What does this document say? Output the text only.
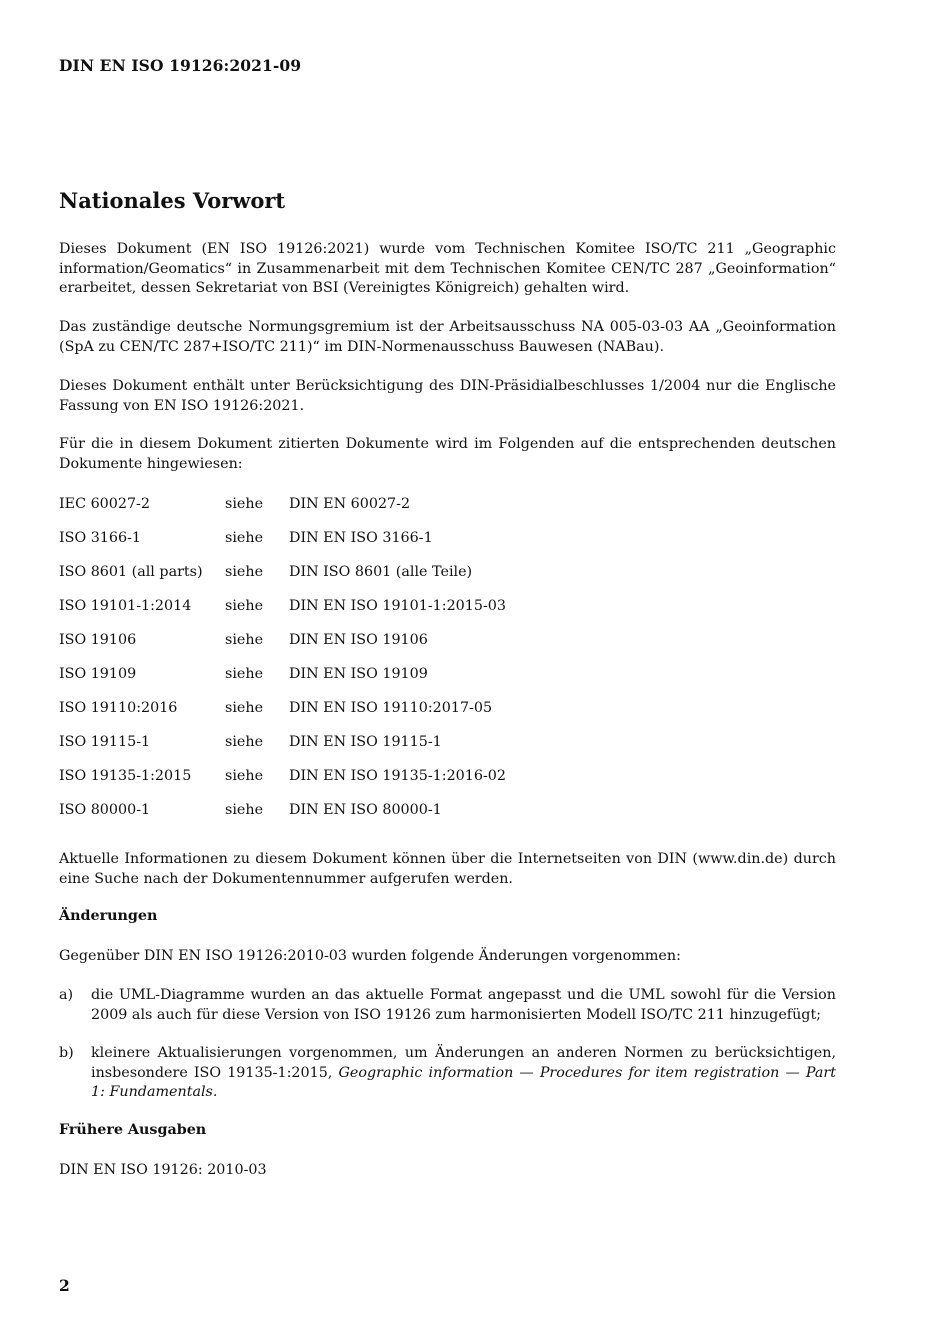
DIN EN ISO 19126:2021-09
Nationales Vorwort

Dieses Dokument (EN ISO 19126:2021) wurde vom Technischen Komitee ISO/TC 211 „Geographic information/Geomatics“ in Zusammenarbeit mit dem Technischen Komitee CEN/TC 287 „Geoinformation“ erarbeitet, dessen Sekretariat von BSI (Vereinigtes Königreich) gehalten wird.

Das zuständige deutsche Normungsgremium ist der Arbeitsausschuss NA 005-03-03 AA „Geoinformation (SpA zu CEN/TC 287+ISO/TC 211)“ im DIN-Normenausschuss Bauwesen (NABau).

Dieses Dokument enthält unter Berücksichtigung des DIN-Präsidialbeschlusses 1/2004 nur die Englische Fassung von EN ISO 19126:2021.

Für die in diesem Dokument zitierten Dokumente wird im Folgenden auf die entsprechenden deutschen Dokumente hingewiesen:

IEC 60027-2	siehe DIN EN 60027-2
ISO 3166-1	siehe DIN EN ISO 3166-1
ISO 8601 (all parts) siehe DIN ISO 8601 (alle Teile)
ISO 19101-1:2014 siehe DIN EN ISO 19101-1:2015-03
ISO 19106	siehe DIN EN ISO 19106
ISO 19109	siehe DIN EN ISO 19109
ISO 19110:2016	siehe DIN EN ISO 19110:2017-05
ISO 19115-1	siehe DIN EN ISO 19115-1
ISO 19135-1:2015 siehe DIN EN ISO 19135-1:2016-02
ISO 80000-1	siehe DIN EN ISO 80000-1

Aktuelle Informationen zu diesem Dokument können über die Internetseiten von DIN (www.din.de) durch eine Suche nach der Dokumentennummer aufgerufen werden.

Änderungen

Gegenüber DIN EN ISO 19126:2010-03 wurden folgende Änderungen vorgenommen:

a) die UML-Diagramme wurden an das aktuelle Format angepasst und die UML sowohl für die Version 2009 als auch für diese Version von ISO 19126 zum harmonisierten Modell ISO/TC 211 hinzugefügt;

b) kleinere Aktualisierungen vorgenommen, um Änderungen an anderen Normen zu berücksichtigen, insbesondere ISO 19135-1:2015, Geographic information — Procedures for item registration — Part 1: Fundamentals.

Frühere Ausgaben

DIN EN ISO 19126: 2010-03

2
